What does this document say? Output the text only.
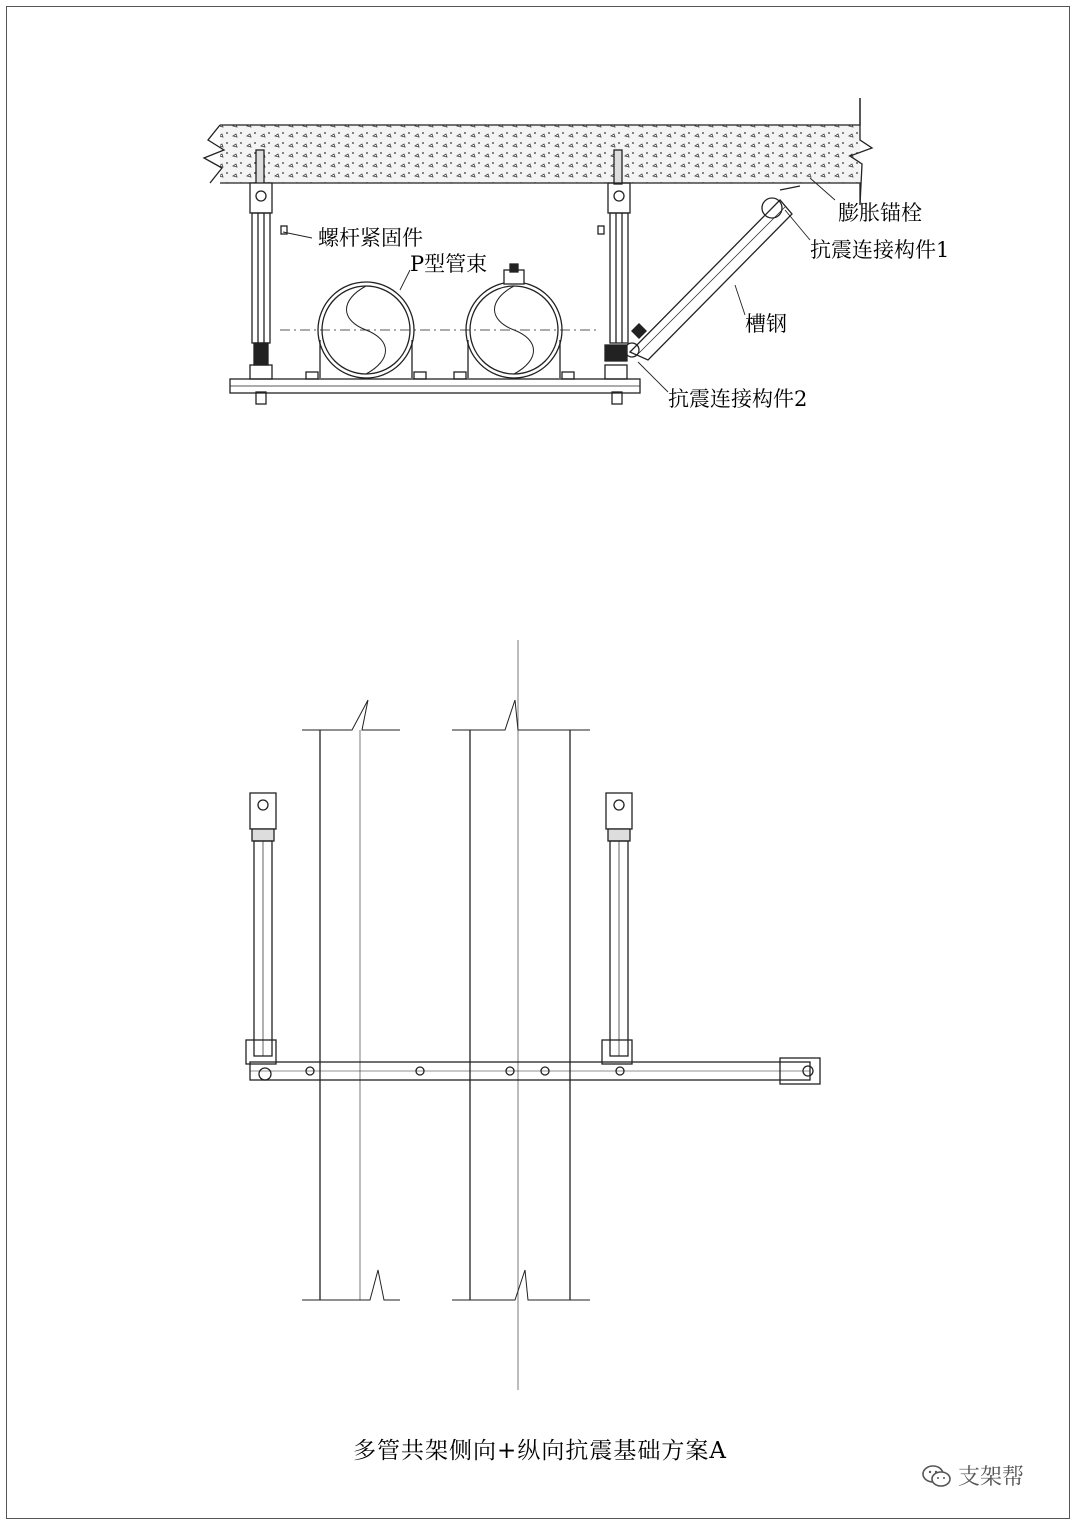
膨胀锚栓
抗震连接构件1
槽钢
抗震连接构件2
螺杆紧固件
P型管束
多管共架侧向+纵向抗震基础方案A
支架帮
